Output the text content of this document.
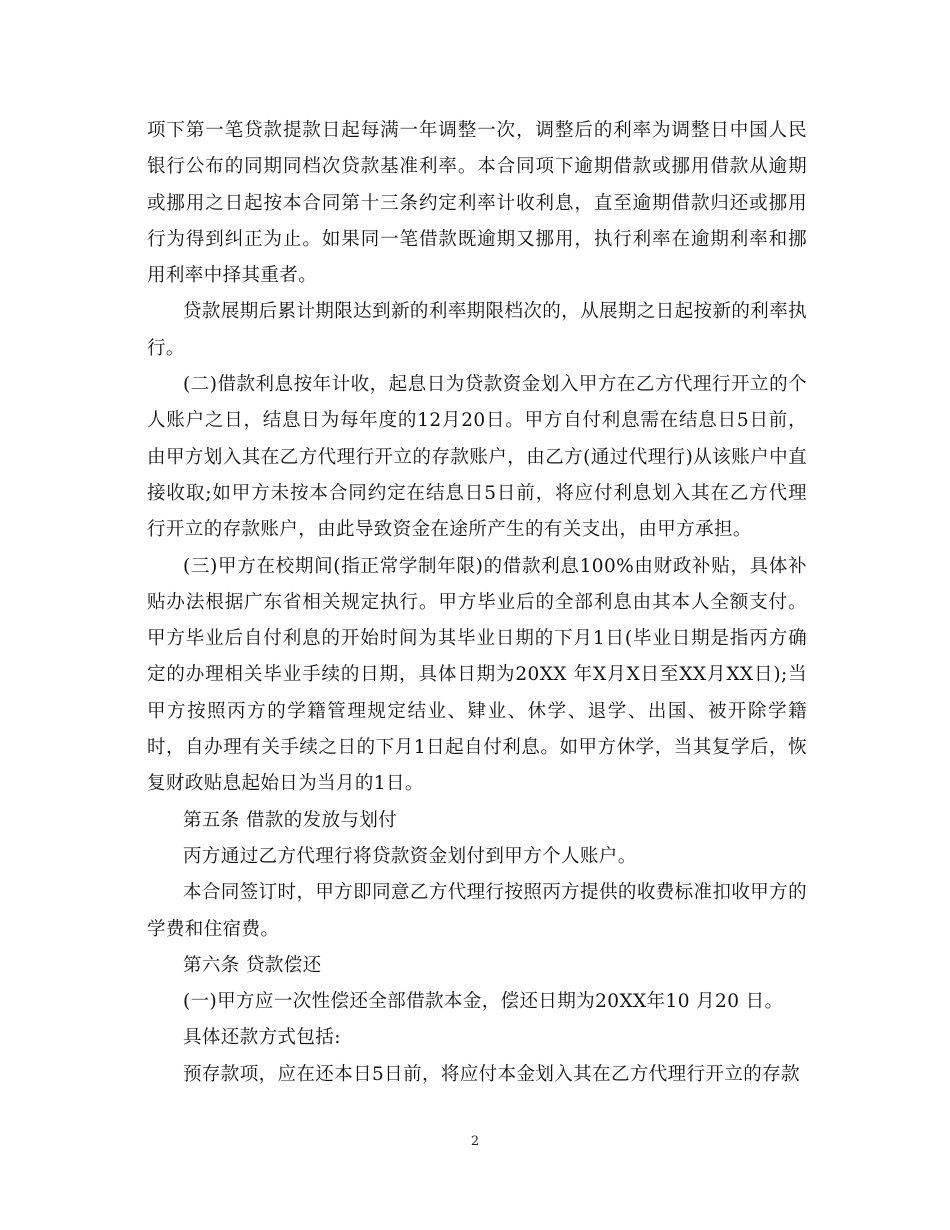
项下第一笔贷款提款日起每满一年调整一次，调整后的利率为调整日中国人民银行公布的同期同档次贷款基准利率。本合同项下逾期借款或挪用借款从逾期或挪用之日起按本合同第十三条约定利率计收利息，直至逾期借款归还或挪用行为得到纠正为止。如果同一笔借款既逾期又挪用，执行利率在逾期利率和挪用利率中择其重者。

贷款展期后累计期限达到新的利率期限档次的，从展期之日起按新的利率执行。

(二)借款利息按年计收，起息日为贷款资金划入甲方在乙方代理行开立的个人账户之日，结息日为每年度的12月20日。甲方自付利息需在结息日5日前，由甲方划入其在乙方代理行开立的存款账户，由乙方(通过代理行)从该账户中直接收取;如甲方未按本合同约定在结息日5日前，将应付利息划入其在乙方代理行开立的存款账户，由此导致资金在途所产生的有关支出，由甲方承担。

(三)甲方在校期间(指正常学制年限)的借款利息100%由财政补贴，具体补贴办法根据广东省相关规定执行。甲方毕业后的全部利息由其本人全额支付。甲方毕业后自付利息的开始时间为其毕业日期的下月1日(毕业日期是指丙方确定的办理相关毕业手续的日期，具体日期为20XX 年X月X日至XX月XX日);当甲方按照丙方的学籍管理规定结业、肄业、休学、退学、出国、被开除学籍时，自办理有关手续之日的下月1日起自付利息。如甲方休学，当其复学后，恢复财政贴息起始日为当月的1日。

第五条 借款的发放与划付

丙方通过乙方代理行将贷款资金划付到甲方个人账户。

本合同签订时，甲方即同意乙方代理行按照丙方提供的收费标准扣收甲方的学费和住宿费。

第六条 贷款偿还

(一)甲方应一次性偿还全部借款本金，偿还日期为20XX年10 月20 日。

具体还款方式包括:

预存款项，应在还本日5日前，将应付本金划入其在乙方代理行开立的存款

2
